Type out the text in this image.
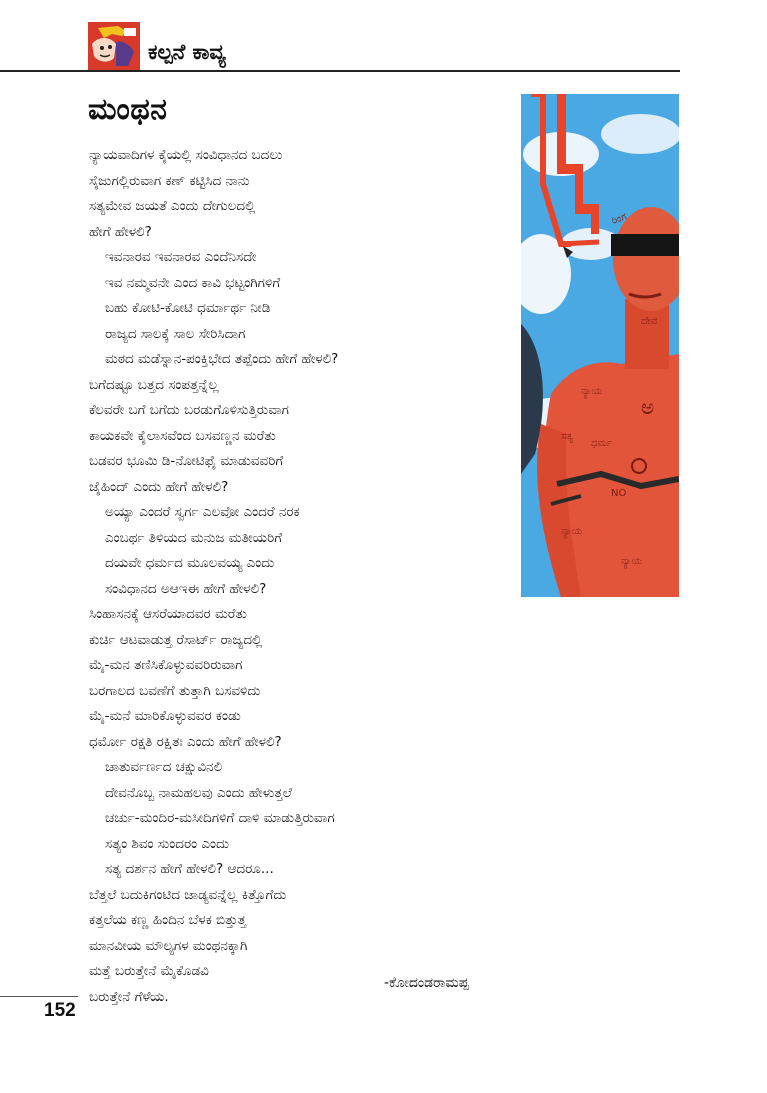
ಕಲ್ಪನೆ ಕಾವ್ಯ
ಮಂಥನ
ನ್ಯಾಯವಾದಿಗಳ ಕೈಯಲ್ಲಿ ಸಂವಿಧಾನದ ಬದಲು
ಸೈಜುಗಲ್ಲಿರುವಾಗ ಕಣ್ ಕಟ್ಟಿಸಿದ ನಾನು
ಸತ್ಯಮೇವ ಜಯತೆ ಎಂದು ದೇಗುಲದಲ್ಲಿ
ಹೇಗೆ ಹೇಳಲಿ?
ಇವನಾರವ ಇವನಾರವ ಎಂದೆನಿಸದೇ
ಇವ ನಮ್ಮವನೇ ಎಂದ ಕಾವಿ ಭಟ್ಟಂಗಿಗಳಿಗೆ
ಬಹು ಕೋಟಿ-ಕೋಟಿ ಧರ್ಮಾರ್ಥ ನೀಡಿ
ರಾಜ್ಯದ ಸಾಲಕ್ಕೆ ಸಾಲ ಸೇರಿಸಿದಾಗ
ಮಠದ ಮಡೆಸ್ನಾನ-ಪಂಕ್ತಿಭೇದ ತಪ್ಪೆಂದು ಹೇಗೆ ಹೇಳಲಿ?
ಬಗೆದಷ್ಟೂ ಬತ್ತದ ಸಂಪತ್ತನ್ನೆಲ್ಲ
ಕೆಲವರೇ ಬಗೆ ಬಗೆದು ಬರಡುಗೊಳಿಸುತ್ತಿರುವಾಗ
ಕಾಯಕವೇ ಕೈಲಾಸವೆಂದ ಬಸವಣ್ಣನ ಮರೆತು
ಬಡವರ ಭೂಮಿ ಡಿ-ನೋಟಿಫೈ ಮಾಡುವವರಿಗೆ
ಜೈಹಿಂದ್ ಎಂದು ಹೇಗೆ ಹೇಳಲಿ?
ಅಯ್ಯಾ ಎಂದರೆ ಸ್ವರ್ಗ ಎಲವೋ ಎಂದರೆ ನರಕ
ಎಂಬರ್ಥ ತಿಳಿಯದ ಮನುಜ ಮತೀಯರಿಗೆ
ದಯವೇ ಧರ್ಮದ ಮೂಲವಯ್ಯ ಎಂದು
ಸಂವಿಧಾನದ ಅಆಇಈ ಹೇಗೆ ಹೇಳಲಿ?
ಸಿಂಹಾಸನಕ್ಕೆ ಆಸರೆಯಾದವರ ಮರೆತು
ಕುರ್ಚಿ ಆಟವಾಡುತ್ತ ರೆಸಾರ್ಟ್ ರಾಜ್ಯದಲ್ಲಿ
ಮೈ-ಮನ ತಣಿಸಿಕೊಳ್ಳುವವರಿರುವಾಗ
ಬರಗಾಲದ ಬವಣೆಗೆ ತುತ್ತಾಗಿ ಬಸವಳಿದು
ಮೈ-ಮನೆ ಮಾರಿಕೊಳ್ಳುವವರ ಕಂಡು
ಧರ್ಮೋ ರಕ್ಷತಿ ರಕ್ಷಿತಃ ಎಂದು ಹೇಗೆ ಹೇಳಲಿ?
ಚಾತುರ್ವರ್ಣದ ಚಕ್ಷುವಿನಲಿ
ದೇವನೊಬ್ಬ ನಾಮಹಲವು ಎಂದು ಹೇಳುತ್ತಲೆ
ಚರ್ಚು-ಮಂದಿರ-ಮಸೀದಿಗಳಿಗೆ ದಾಳಿ ಮಾಡುತ್ತಿರುವಾಗ
ಸತ್ಯಂ ಶಿವಂ ಸುಂದರಂ ಎಂದು
ಸತ್ಯ ದರ್ಶನ ಹೇಗೆ ಹೇಳಲಿ? ಆದರೂ...
ಬೆತ್ತಲೆ ಬದುಕಿಗಂಟಿದ ಜಾಡ್ಯವನ್ನೆಲ್ಲ ಕಿತ್ತೊಗೆದು
ಕತ್ತಲೆಯ ಕಣ್ಣ ಹಿಂದಿನ ಬೆಳಕ ಬಿತ್ತುತ್ತ
ಮಾನವೀಯ ಮೌಲ್ಯಗಳ ಮಂಥನಕ್ಕಾಗಿ
ಮತ್ತೆ ಬರುತ್ತೇನೆ ಮೈಕೊಡವಿ
ಬರುತ್ತೇನೆ ಗೆಳೆಯ.
-ಕೋದಂಡರಾಮಪ್ಪ
ರಿಂಗ
ನ್ಯಾಯ
ಅ
ಸತ್ಯ
ಧರ್ಮ
NO
ನ್ಯಾಯ
ನ್ಯಾಯ
ದೇವ
152
